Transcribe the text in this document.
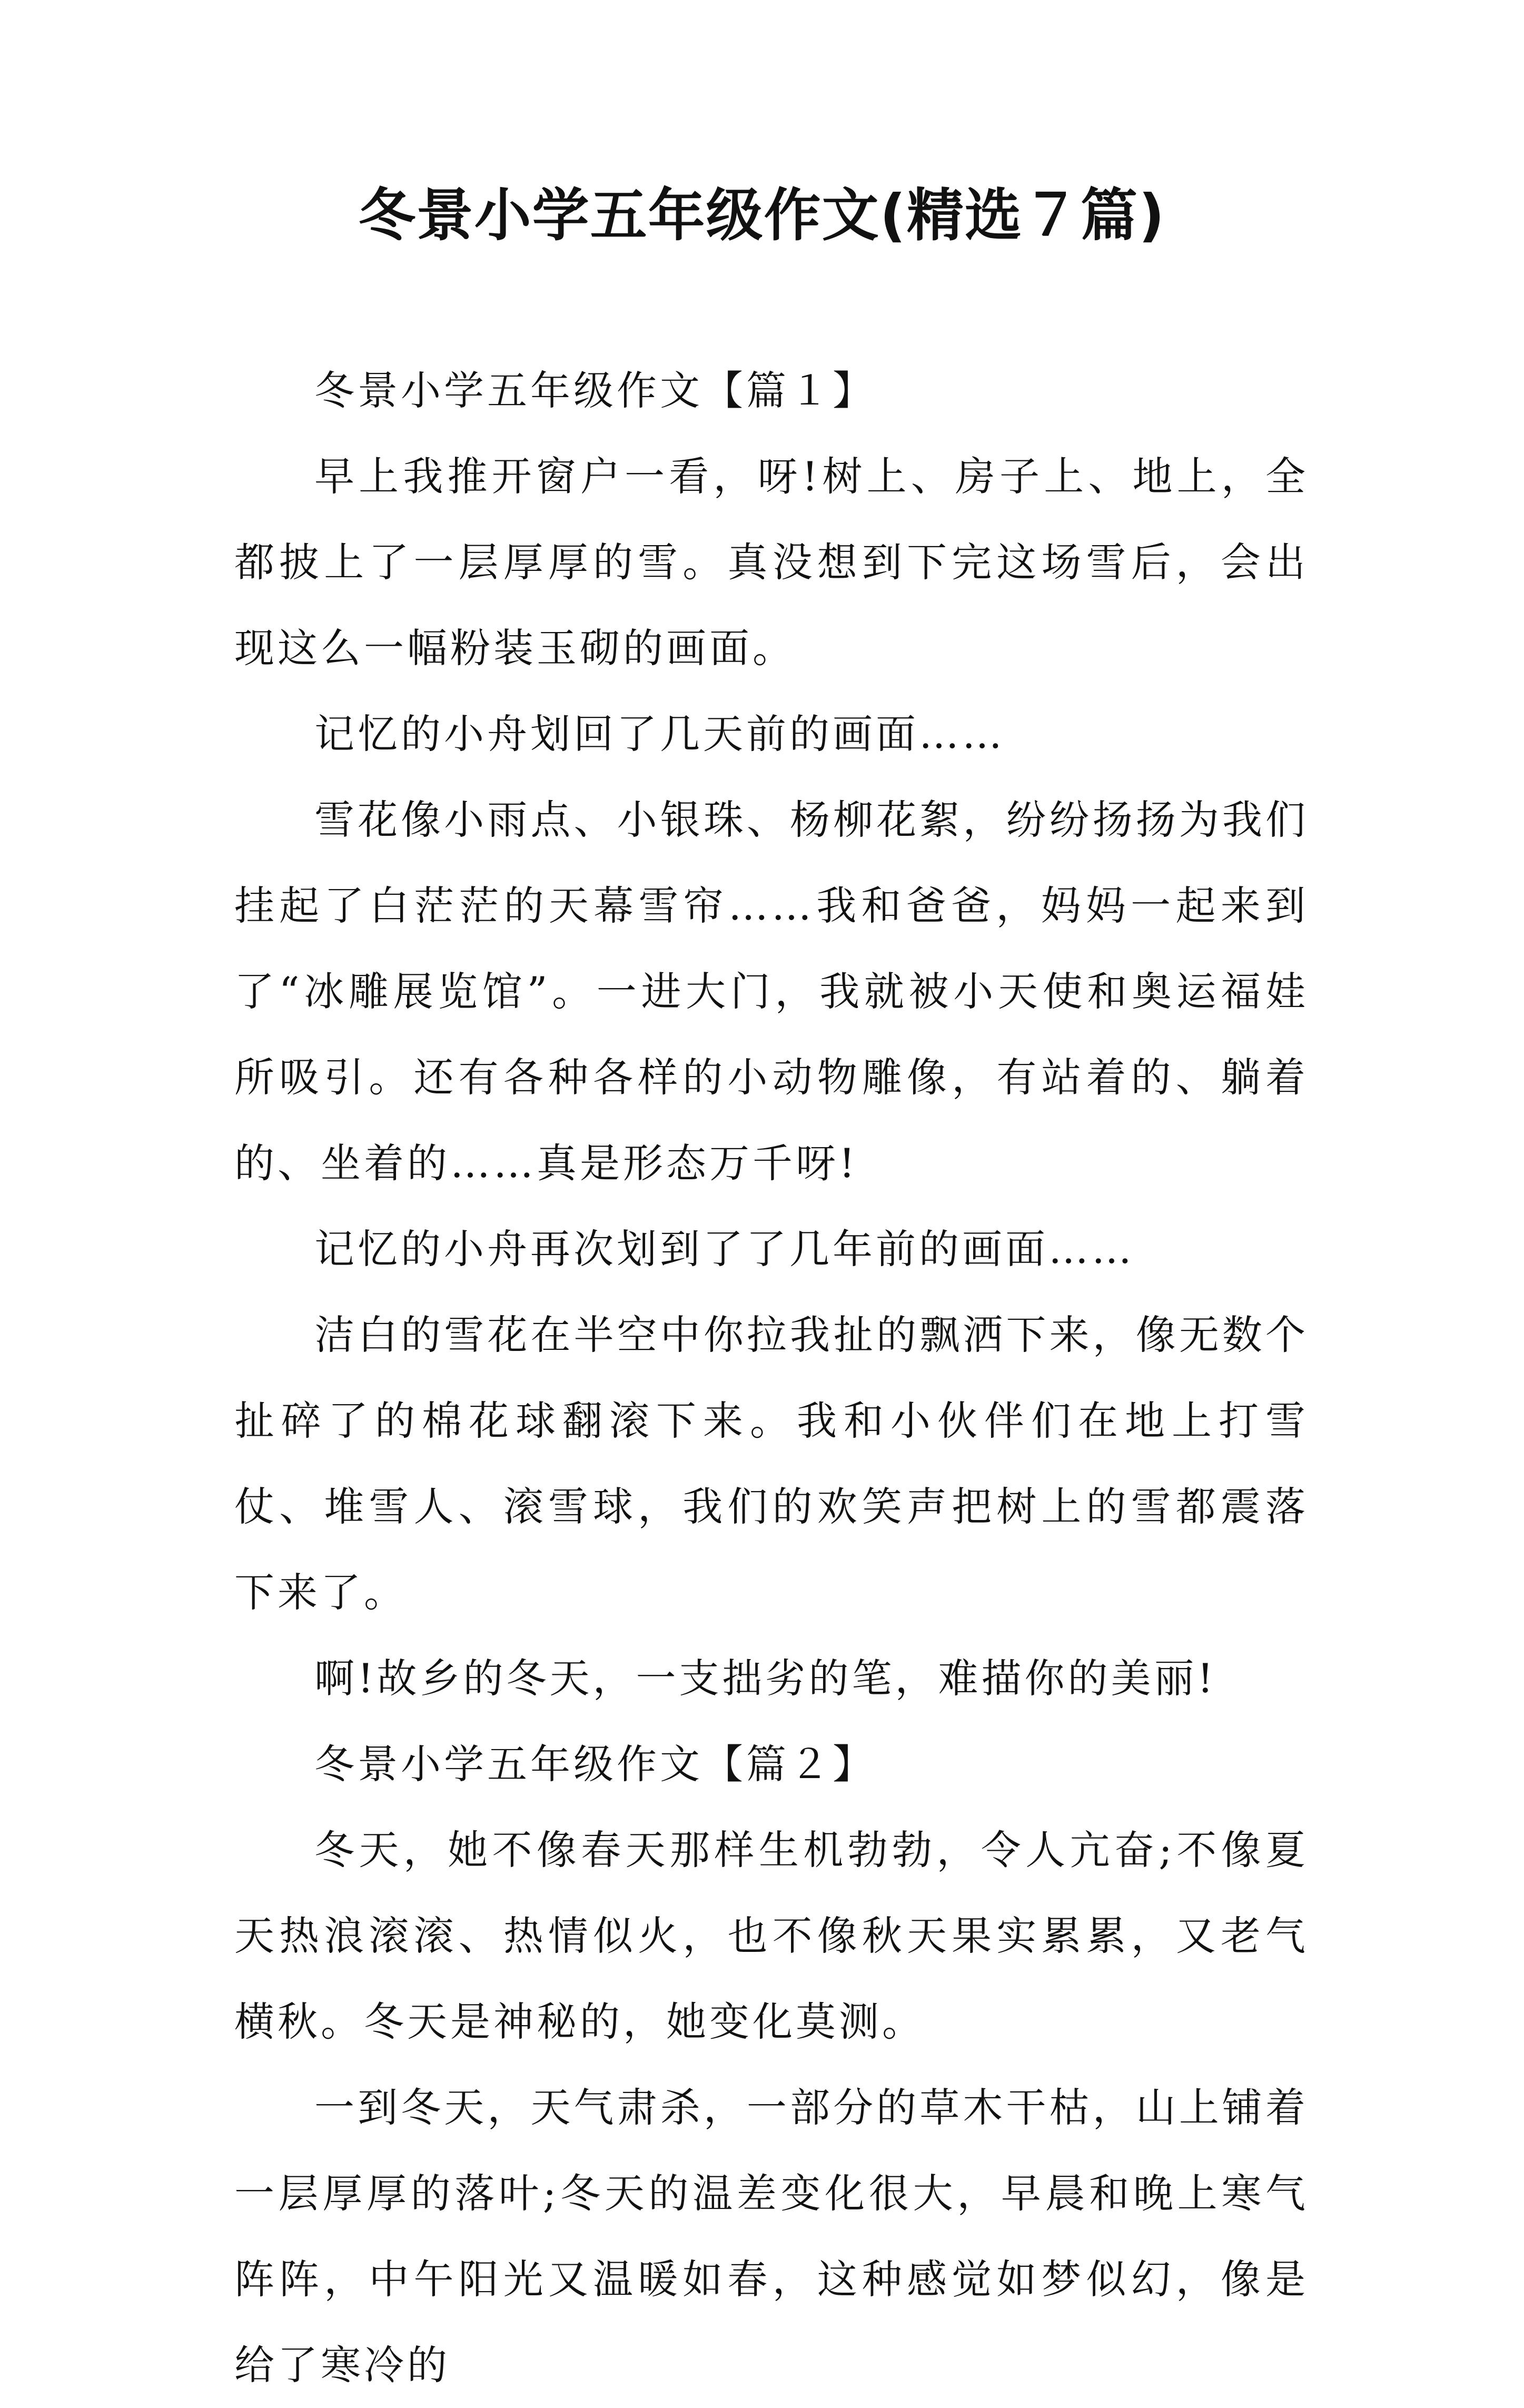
冬景小学五年级作文(精选７篇)

冬景小学五年级作文【篇１】

早上我推开窗户一看，呀!树上、房子上、地上，全都披上了一层厚厚的雪。真没想到下完这场雪后，会出现这么一幅粉装玉砌的画面。

记忆的小舟划回了几天前的画面……

雪花像小雨点、小银珠、杨柳花絮，纷纷扬扬为我们挂起了白茫茫的天幕雪帘……我和爸爸，妈妈一起来到了“冰雕展览馆”。一进大门，我就被小天使和奥运福娃所吸引。还有各种各样的小动物雕像，有站着的、躺着的、坐着的……真是形态万千呀!

记忆的小舟再次划到了了几年前的画面……

洁白的雪花在半空中你拉我扯的飘洒下来，像无数个扯碎了的棉花球翻滚下来。我和小伙伴们在地上打雪仗、堆雪人、滚雪球，我们的欢笑声把树上的雪都震落下来了。

啊!故乡的冬天，一支拙劣的笔，难描你的美丽!

冬景小学五年级作文【篇２】

冬天，她不像春天那样生机勃勃，令人亢奋;不像夏天热浪滚滚、热情似火，也不像秋天果实累累，又老气横秋。冬天是神秘的，她变化莫测。

一到冬天，天气肃杀，一部分的草木干枯，山上铺着一层厚厚的落叶;冬天的温差变化很大，早晨和晚上寒气阵阵，中午阳光又温暖如春，这种感觉如梦似幻，像是给了寒冷的
